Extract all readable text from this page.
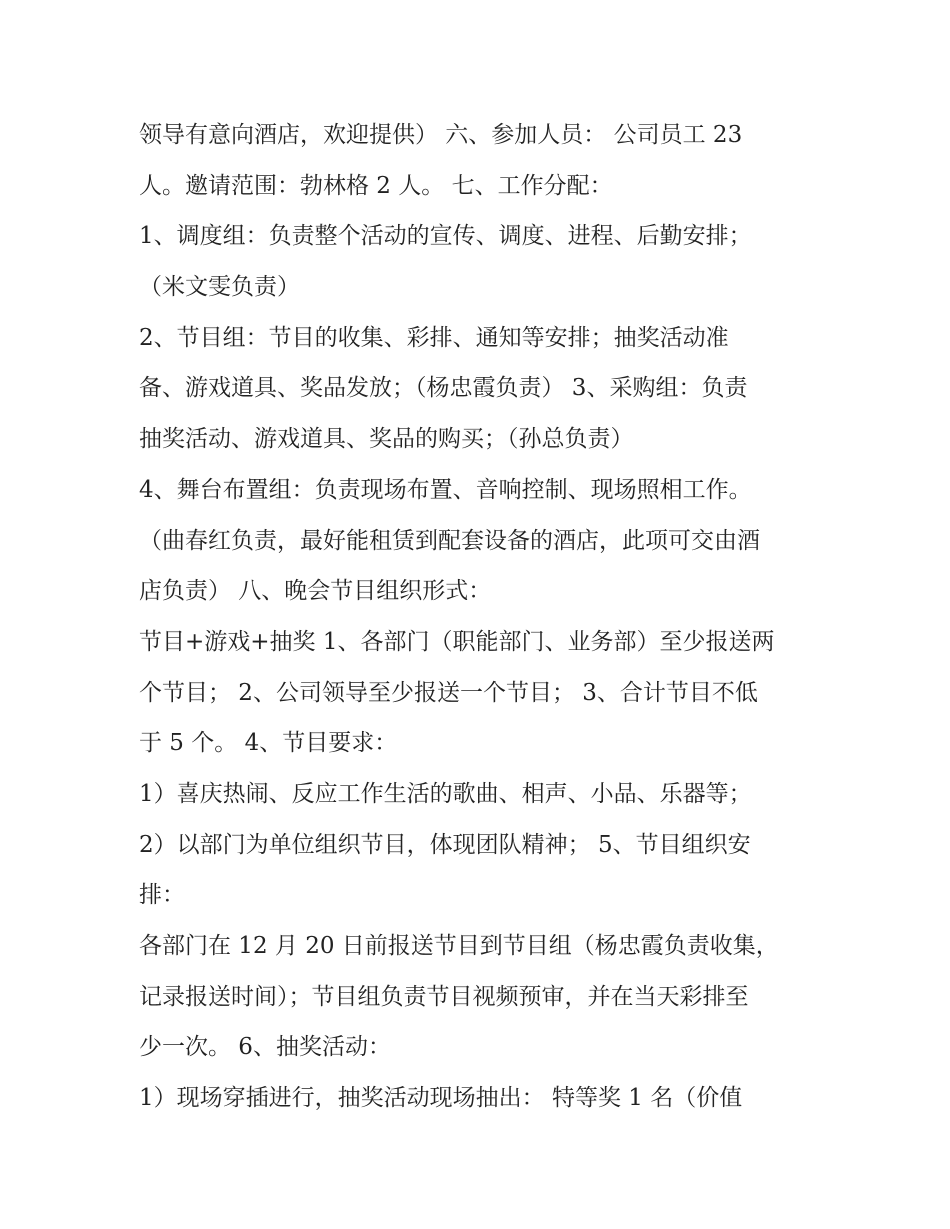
领导有意向酒店，欢迎提供） 六、参加人员： 公司员工 23
人。邀请范围：勃林格 2 人。 七、工作分配：
1、调度组：负责整个活动的宣传、调度、进程、后勤安排；
（米文雯负责）
2、节目组：节目的收集、彩排、通知等安排；抽奖活动准
备、游戏道具、奖品发放；（杨忠霞负责） 3、采购组：负责
抽奖活动、游戏道具、奖品的购买；（孙总负责）
4、舞台布置组：负责现场布置、音响控制、现场照相工作。
（曲春红负责，最好能租赁到配套设备的酒店，此项可交由酒
店负责） 八、晚会节目组织形式：
节目+游戏+抽奖 1、各部门（职能部门、业务部）至少报送两
个节目； 2、公司领导至少报送一个节目； 3、合计节目不低
于 5 个。 4、节目要求：
1）喜庆热闹、反应工作生活的歌曲、相声、小品、乐器等；
2）以部门为单位组织节目，体现团队精神； 5、节目组织安
排：
各部门在 12 月 20 日前报送节目到节目组（杨忠霞负责收集，
记录报送时间）；节目组负责节目视频预审，并在当天彩排至
少一次。 6、抽奖活动：
1）现场穿插进行，抽奖活动现场抽出： 特等奖 1 名（价值
